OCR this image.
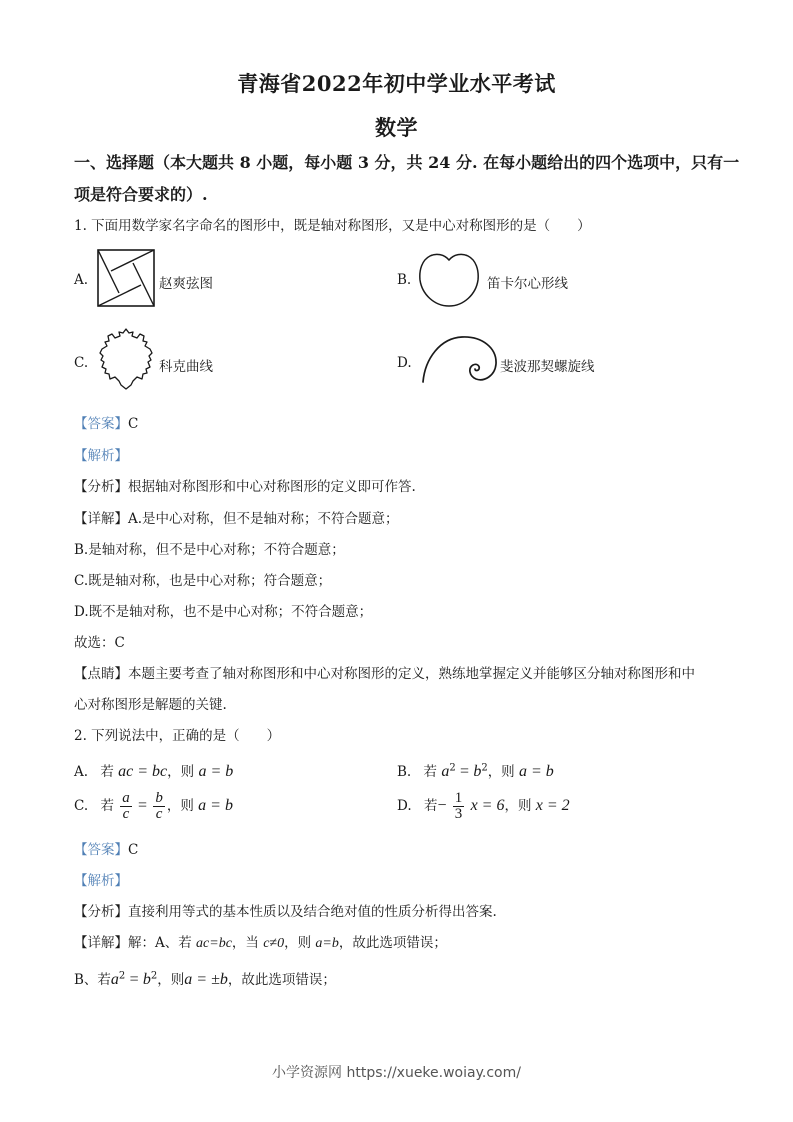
青海省2022年初中学业水平考试
数学
一、选择题（本大题共 8 小题，每小题 3 分，共 24 分. 在每小题给出的四个选项中，只有一
项是符合要求的）.
1. 下面用数学家名字命名的图形中，既是轴对称图形，又是中心对称图形的是（　　）
A.	赵爽弦图	B.	笛卡尔心形线
C.	科克曲线	D.	斐波那契螺旋线
【答案】C
【解析】
【分析】根据轴对称图形和中心对称图形的定义即可作答.
【详解】A.是中心对称，但不是轴对称；不符合题意；
B.是轴对称，但不是中心对称；不符合题意；
C.既是轴对称，也是中心对称；符合题意；
D.既不是轴对称，也不是中心对称；不符合题意；
故选：C
【点睛】本题主要考查了轴对称图形和中心对称图形的定义，熟练地掌握定义并能够区分轴对称图形和中
心对称图形是解题的关键.
2. 下列说法中，正确的是（　　）
A. 若 ac = bc，则 a = b	B. 若 $a^2 = b^2$，则 a = b
C. 若 $\frac{a}{c} = \frac{b}{c}$ ，则 a = b	D. 若− $\frac{1}{3}$ x = 6，则 x = 2
【答案】C
【解析】
【分析】直接利用等式的基本性质以及结合绝对值的性质分析得出答案.
【详解】解：A、若 ac=bc，当 c≠0，则 a=b，故此选项错误；
B、若$a^2 = b^2$，则a = ±b，故此选项错误；
小学资源网 https://xueke.woiay.com/
